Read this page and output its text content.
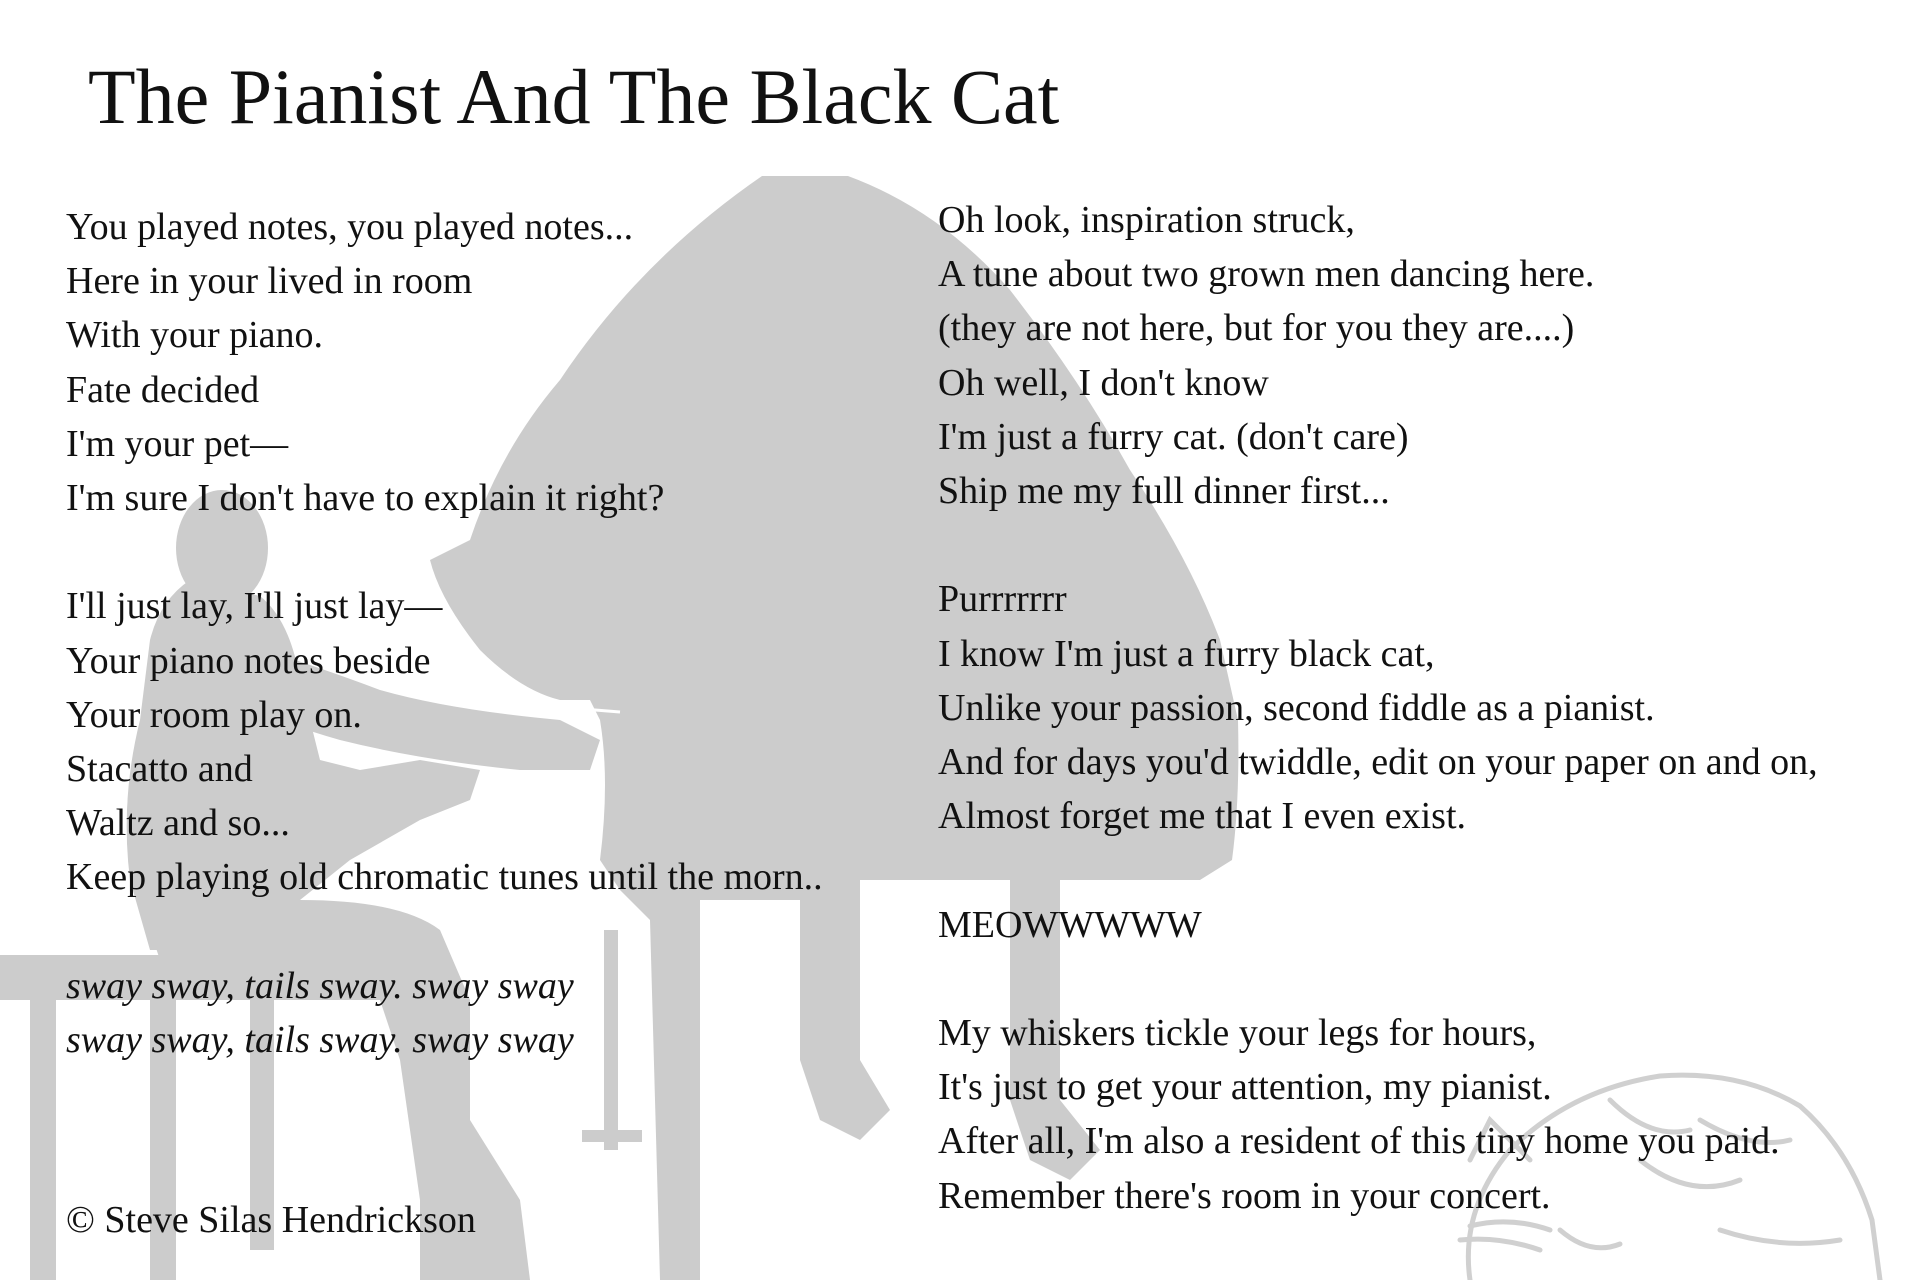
The Pianist And The Black Cat
You played notes, you played notes...
Here in your lived in room
With your piano.
Fate decided
I'm your pet—
I'm sure I don't have to explain it right?
I'll just lay, I'll just lay—
Your piano notes beside
Your room play on.
Stacatto and
Waltz and so...
Keep playing old chromatic tunes until the morn..
sway sway, tails sway. sway sway
sway sway, tails sway. sway sway
Oh look, inspiration struck,
A tune about two grown men dancing here.
(they are not here, but for you they are....)
Oh well, I don't know
I'm just a furry cat. (don't care)
Ship me my full dinner first...
Purrrrrrr
I know I'm just a furry black cat,
Unlike your passion, second fiddle as a pianist.
And for days you'd twiddle, edit on your paper on and on,
Almost forget me that I even exist.
MEOWWWWW
My whiskers tickle your legs for hours,
It's just to get your attention, my pianist.
After all, I'm also a resident of this tiny home you paid.
Remember there's room in your concert.
© Steve Silas Hendrickson
